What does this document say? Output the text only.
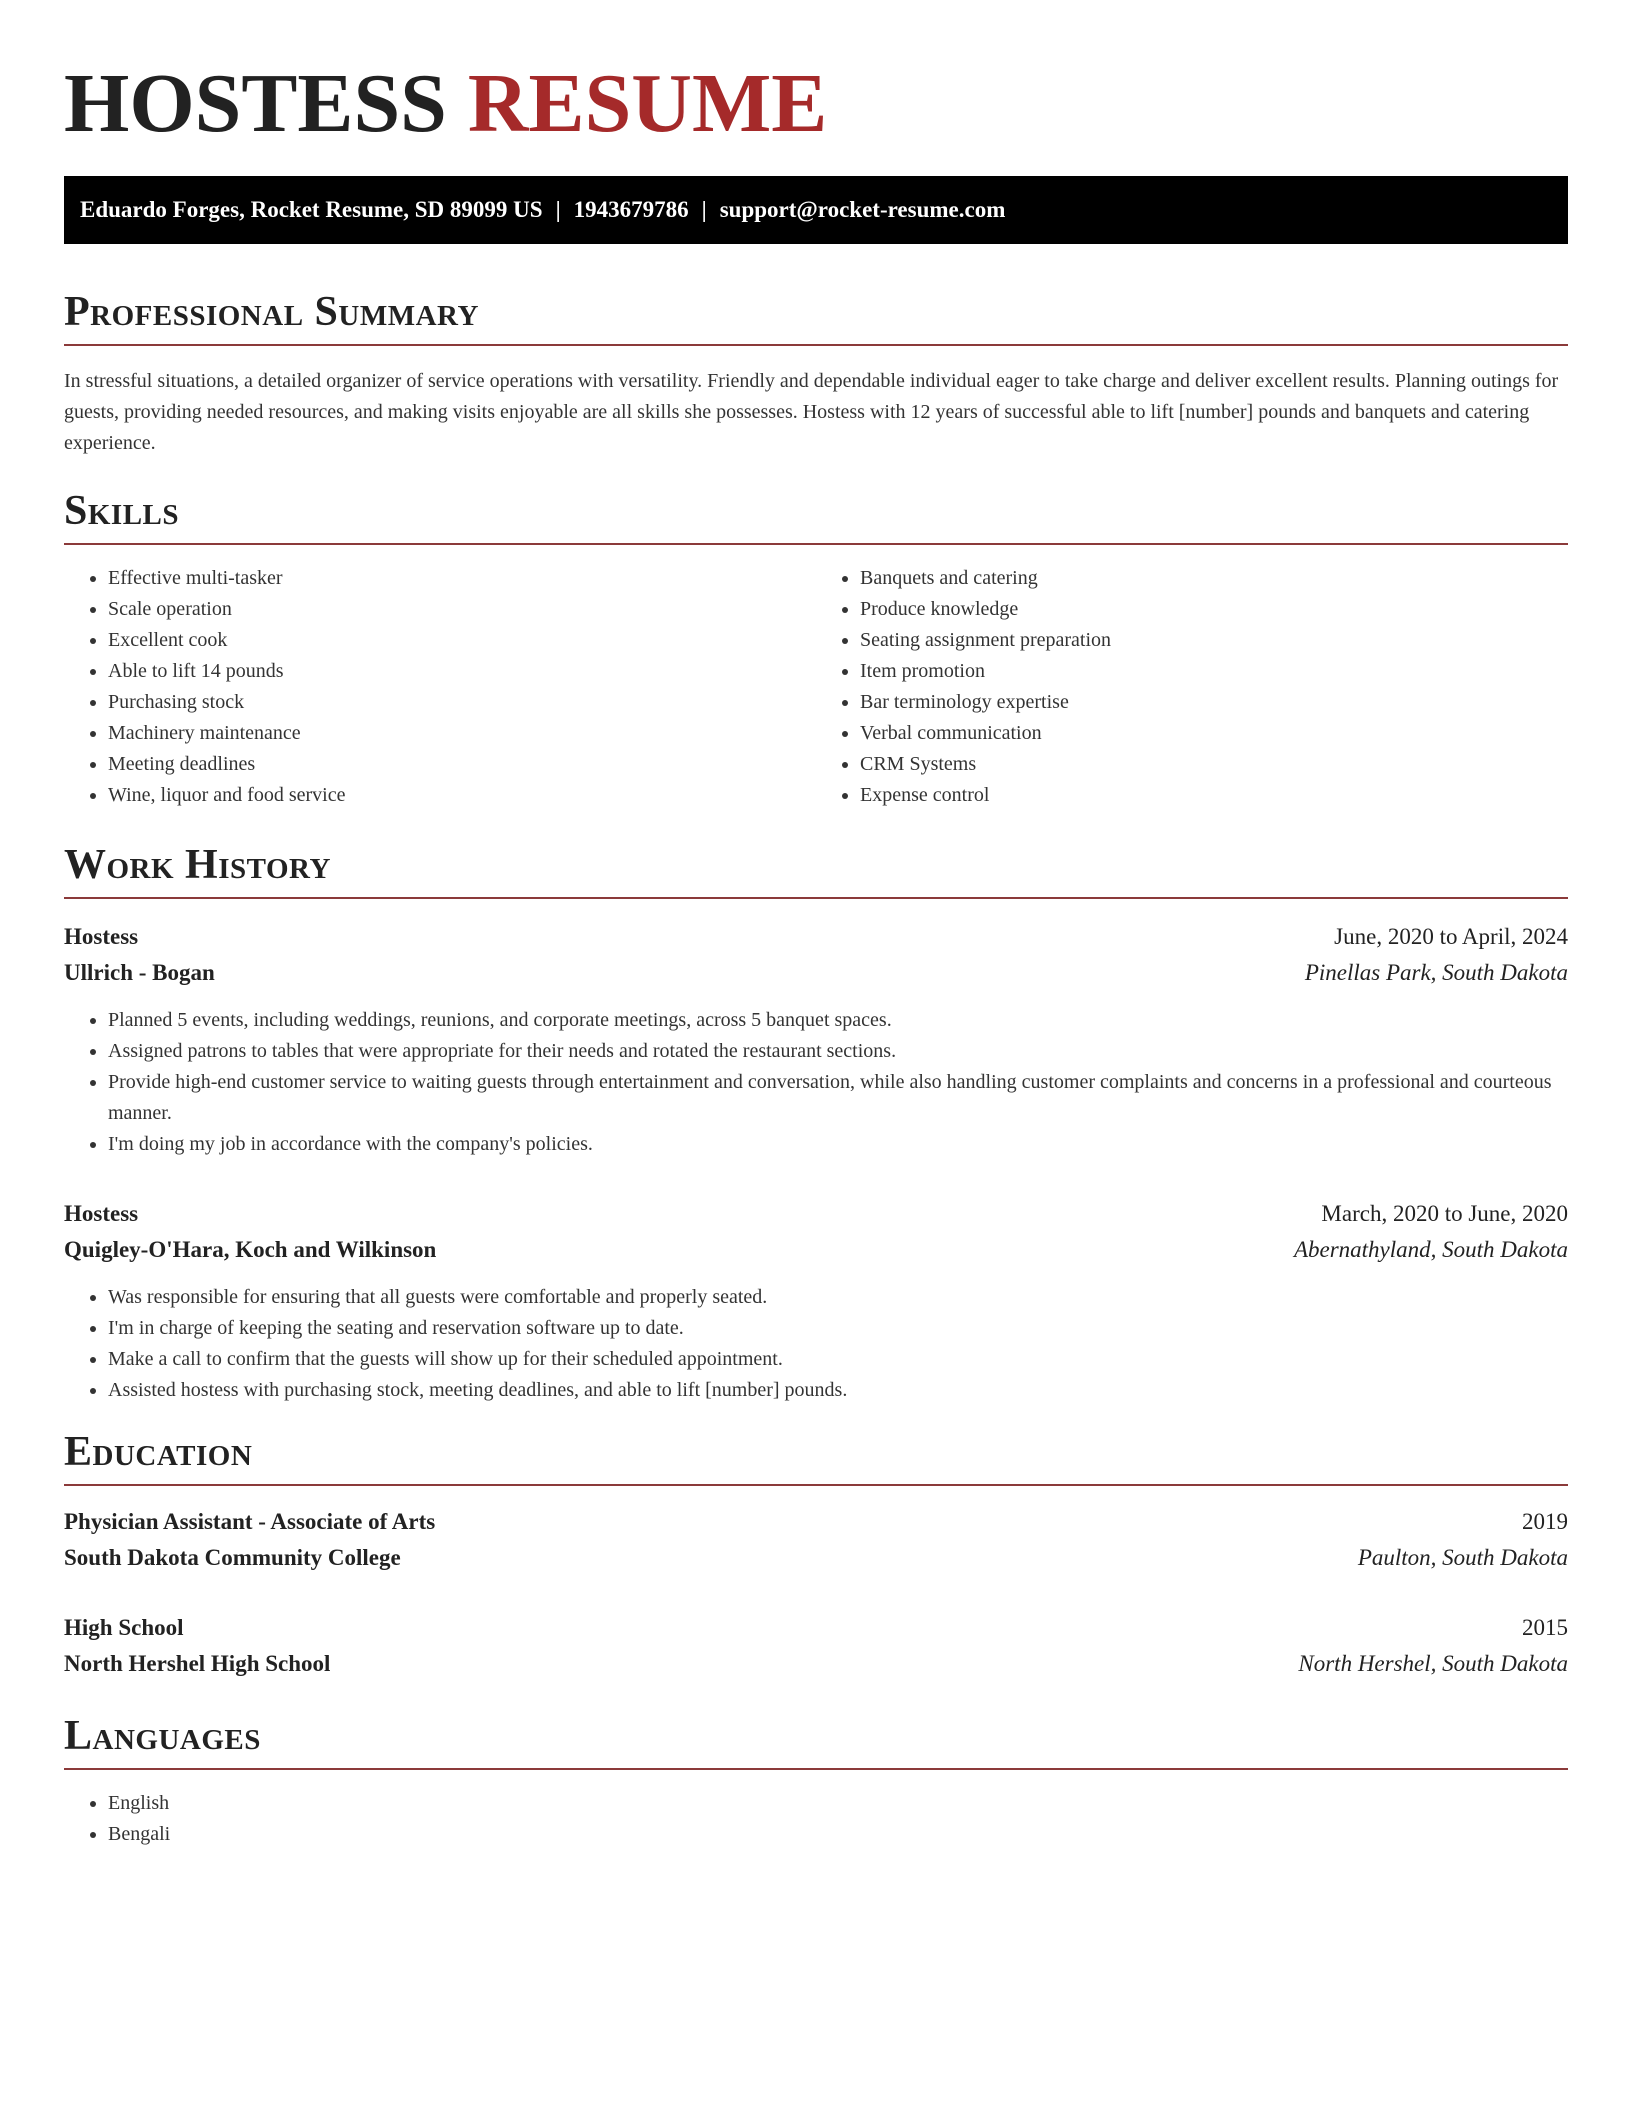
HOSTESS RESUME
Eduardo Forges, Rocket Resume, SD 89099 US | 1943679786 | support@rocket-resume.com
Professional Summary

In stressful situations, a detailed organizer of service operations with versatility. Friendly and dependable individual eager to take charge and deliver excellent results. Planning outings for guests, providing needed resources, and making visits enjoyable are all skills she possesses. Hostess with 12 years of successful able to lift [number] pounds and banquets and catering experience.

Skills
• Effective multi-tasker
• Scale operation
• Excellent cook
• Able to lift 14 pounds
• Purchasing stock
• Machinery maintenance
• Meeting deadlines
• Wine, liquor and food service
• Banquets and catering
• Produce knowledge
• Seating assignment preparation
• Item promotion
• Bar terminology expertise
• Verbal communication
• CRM Systems
• Expense control
Work History
Hostess	June, 2020 to April, 2024
Ullrich - Bogan	Pinellas Park, South Dakota
• Planned 5 events, including weddings, reunions, and corporate meetings, across 5 banquet spaces.
• Assigned patrons to tables that were appropriate for their needs and rotated the restaurant sections.
• Provide high-end customer service to waiting guests through entertainment and conversation, while also handling customer complaints and concerns in a professional and courteous manner.
• I'm doing my job in accordance with the company's policies.
Hostess	March, 2020 to June, 2020
Quigley-O'Hara, Koch and Wilkinson	Abernathyland, South Dakota
• Was responsible for ensuring that all guests were comfortable and properly seated.
• I'm in charge of keeping the seating and reservation software up to date.
• Make a call to confirm that the guests will show up for their scheduled appointment.
• Assisted hostess with purchasing stock, meeting deadlines, and able to lift [number] pounds.
Education
Physician Assistant - Associate of Arts	2019
South Dakota Community College	Paulton, South Dakota
High School	2015
North Hershel High School	North Hershel, South Dakota
Languages
• English
• Bengali
